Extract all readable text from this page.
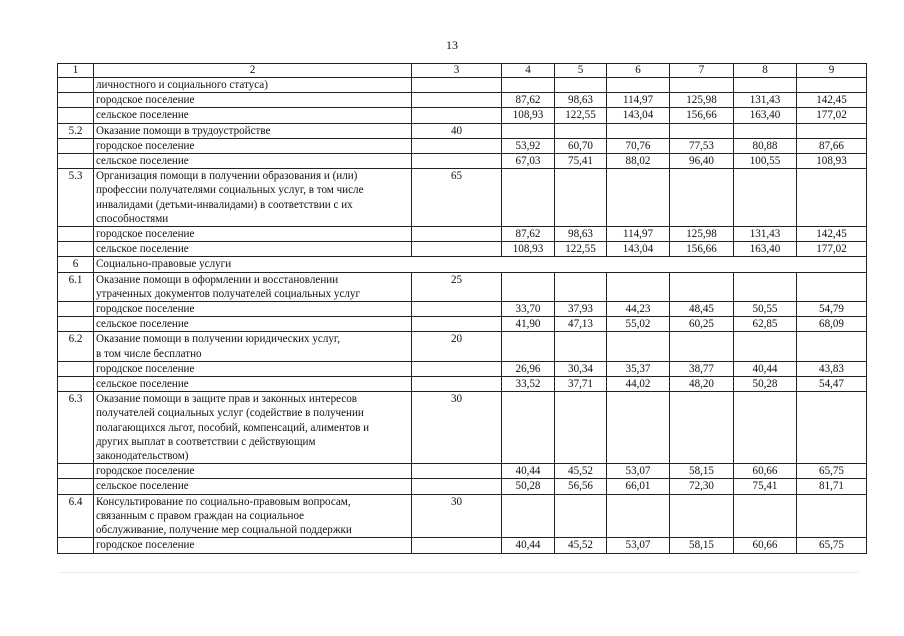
13
1	2	3	4	5	6	7	8	9

	личностного и социального статуса)							

	городское поселение		87,62	98,63	114,97	125,98	131,43	142,45
	сельское поселение		108,93	122,55	143,04	156,66	163,40	177,02
5.2	Оказание помощи в трудоустройстве	40						
	городское поселение		53,92	60,70	70,76	77,53	80,88	87,66
	сельское поселение		67,03	75,41	88,02	96,40	100,55	108,93
5.3	Организация помощи в получении образования и (или)
профессии получателями социальных услуг, в том числе
инвалидами (детьми-инвалидами) в соответствии с их
способностями	65						
	городское поселение		87,62	98,63	114,97	125,98	131,43	142,45
	сельское поселение		108,93	122,55	143,04	156,66	163,40	177,02
6	Социально-правовые услуги							
6.1	Оказание помощи в оформлении и восстановлении
утраченных документов получателей социальных услуг	25						
	городское поселение		33,70	37,93	44,23	48,45	50,55	54,79
	сельское поселение		41,90	47,13	55,02	60,25	62,85	68,09
6.2	Оказание помощи в получении юридических услуг,
в том числе бесплатно	20						
	городское поселение		26,96	30,34	35,37	38,77	40,44	43,83
	сельское поселение		33,52	37,71	44,02	48,20	50,28	54,47
6.3	Оказание помощи в защите прав и законных интересов
получателей социальных услуг (содействие в получении
полагающихся льгот, пособий, компенсаций, алиментов и
других выплат в соответствии с действующим
законодательством)	30						
	городское поселение		40,44	45,52	53,07	58,15	60,66	65,75
	сельское поселение		50,28	56,56	66,01	72,30	75,41	81,71
6.4	Консультирование по социально-правовым вопросам,
связанным с правом граждан на социальное
обслуживание, получение мер социальной поддержки	30						
	городское поселение		40,44	45,52	53,07	58,15	60,66	65,75
